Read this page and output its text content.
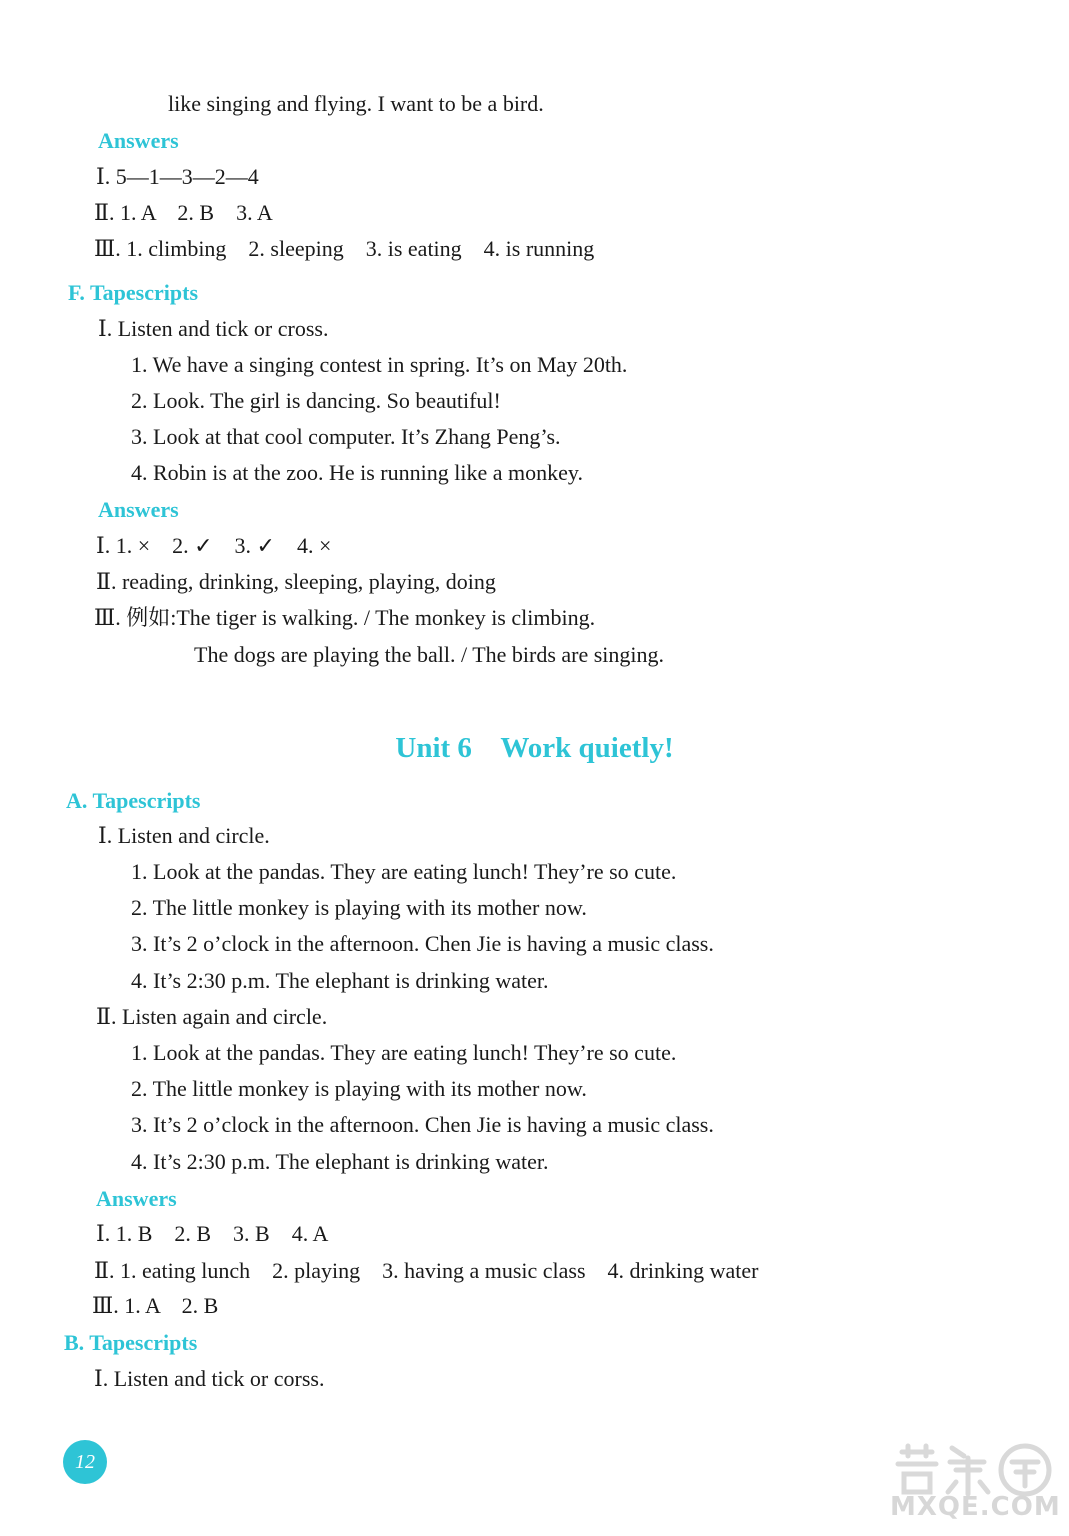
like singing and flying. I want to be a bird.
Answers
Ⅰ. 5—1—3—2—4
Ⅱ. 1. A    2. B    3. A
Ⅲ. 1. climbing    2. sleeping    3. is eating    4. is running
F. Tapescripts
Ⅰ. Listen and tick or cross.
1. We have a singing contest in spring. It’s on May 20th.
2. Look. The girl is dancing. So beautiful!
3. Look at that cool computer. It’s Zhang Peng’s.
4. Robin is at the zoo. He is running like a monkey.
Answers
Ⅰ. 1. ×    2. ✓    3. ✓    4. ×
Ⅱ. reading, drinking, sleeping, playing, doing
Ⅲ. 例如:The tiger is walking. / The monkey is climbing.
The dogs are playing the ball. / The birds are singing.
Unit 6    Work quietly!
A. Tapescripts
Ⅰ. Listen and circle.
1. Look at the pandas. They are eating lunch! They’re so cute.
2. The little monkey is playing with its mother now.
3. It’s 2 o’clock in the afternoon. Chen Jie is having a music class.
4. It’s 2:30 p.m. The elephant is drinking water.
Ⅱ. Listen again and circle.
1. Look at the pandas. They are eating lunch! They’re so cute.
2. The little monkey is playing with its mother now.
3. It’s 2 o’clock in the afternoon. Chen Jie is having a music class.
4. It’s 2:30 p.m. The elephant is drinking water.
Answers
Ⅰ. 1. B    2. B    3. B    4. A
Ⅱ. 1. eating lunch    2. playing    3. having a music class    4. drinking water
Ⅲ. 1. A    2. B
B. Tapescripts
Ⅰ. Listen and tick or corss.
12
MXQE.COM
